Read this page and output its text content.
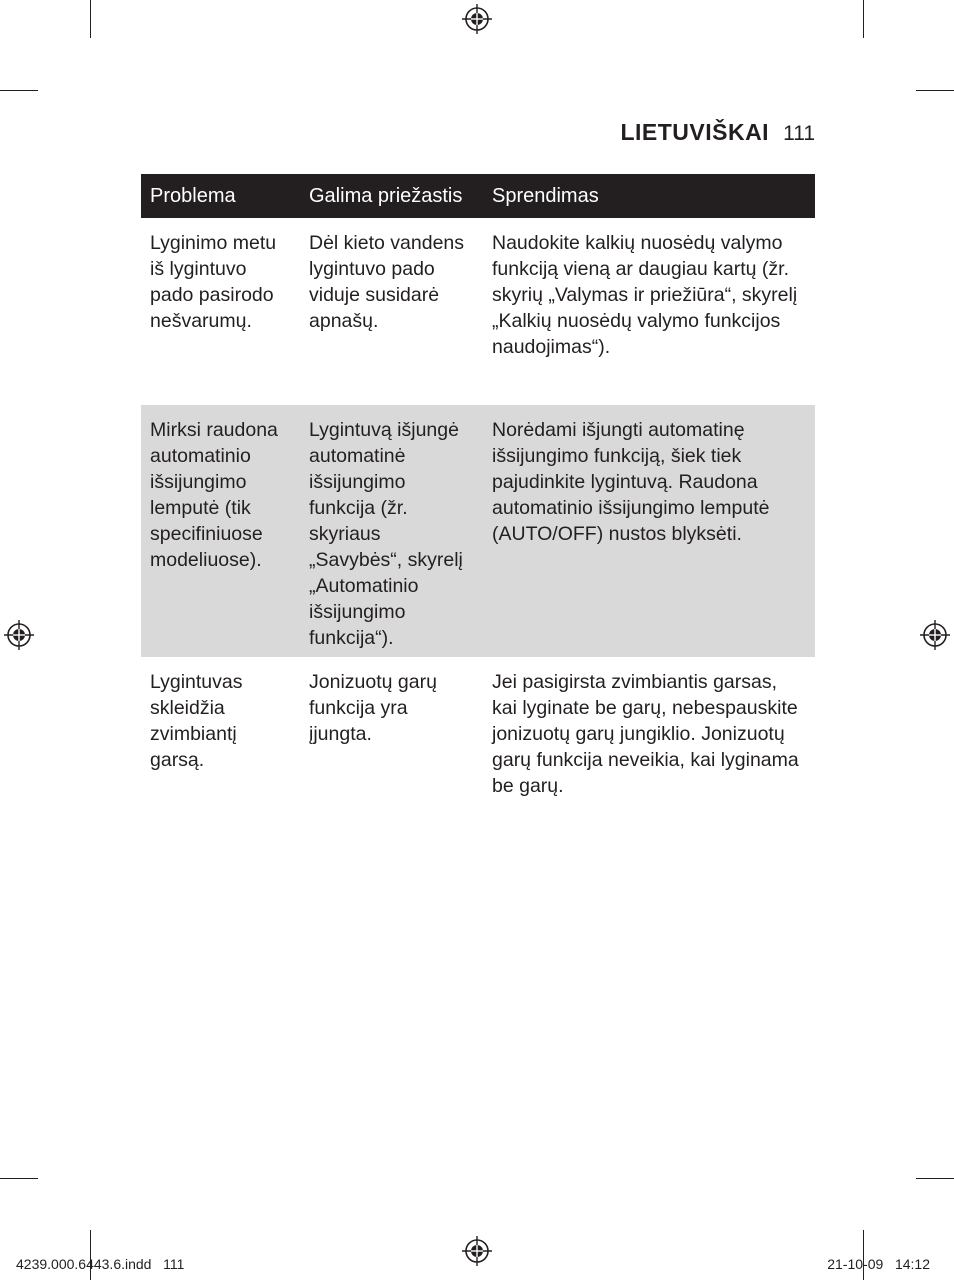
LIETUVIŠKAI 111
Problema	Galima priežastis	Sprendimas
Lyginimo metu iš lygintuvo pado pasirodo nešvarumų.	Dėl kieto vandens lygintuvo pado viduje susidarė apnašų.	Naudokite kalkių nuosėdų valymo funkciją vieną ar daugiau kartų (žr. skyrių „Valymas ir priežiūra“, skyrelį „Kalkių nuosėdų valymo funkcijos naudojimas“).
Mirksi raudona automatinio išsijungimo lemputė (tik specifiniuose modeliuose).	Lygintuvą išjungė automatinė išsijungimo funkcija (žr. skyriaus „Savybės“, skyrelį „Automatinio išsijungimo funkcija“).	Norėdami išjungti automatinę išsijungimo funkciją, šiek tiek pajudinkite lygintuvą. Raudona automatinio išsijungimo lemputė (AUTO/OFF) nustos blyksėti.
Lygintuvas skleidžia zvimbiantį garsą.	Jonizuotų garų funkcija yra įjungta.	Jei pasigirsta zvimbiantis garsas, kai lyginate be garų, nebespauskite jonizuotų garų jungiklio. Jonizuotų garų funkcija neveikia, kai lyginama be garų.
4239.000.6443.6.indd   111	21-10-09   14:12
